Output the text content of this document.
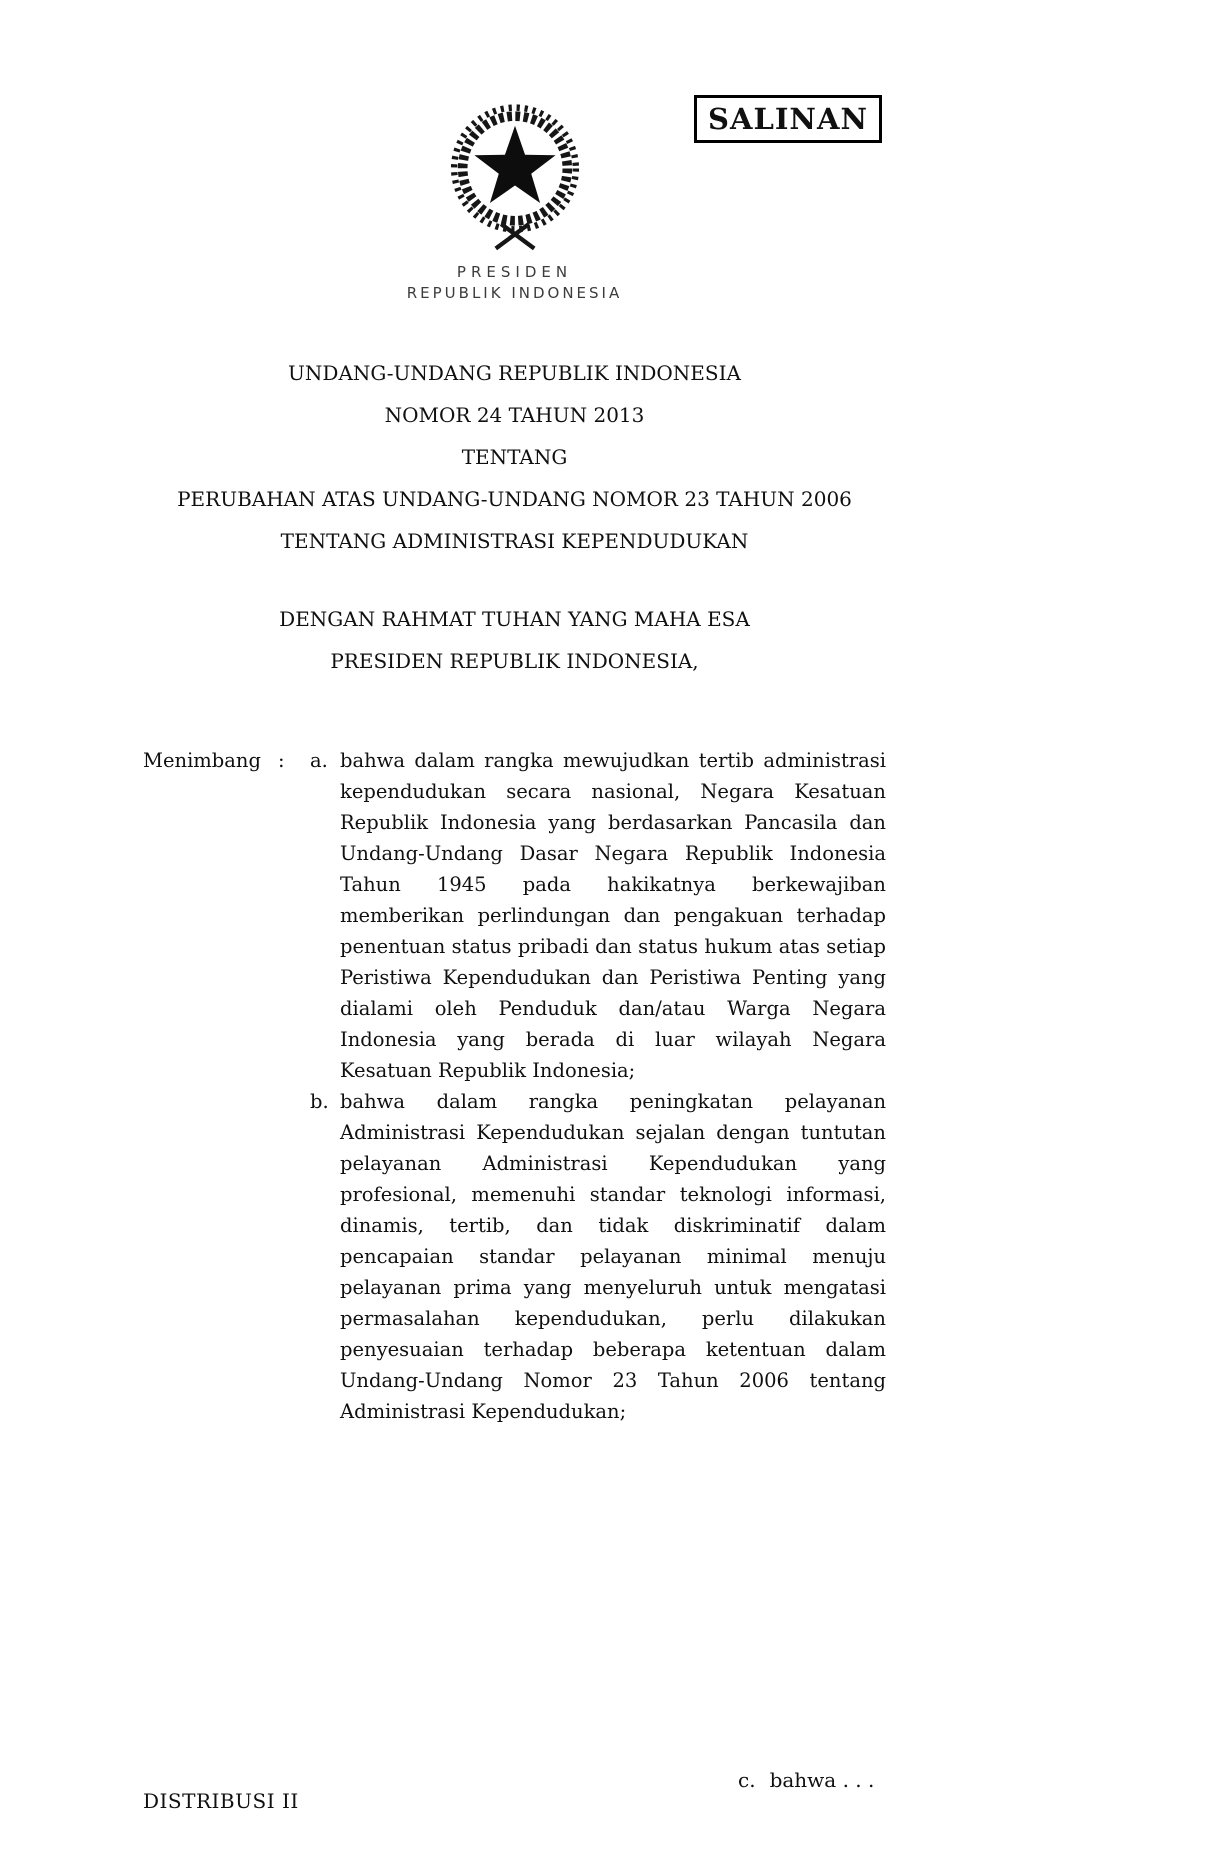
SALINAN
PRESIDEN
REPUBLIK INDONESIA
UNDANG-UNDANG REPUBLIK INDONESIA
NOMOR 24 TAHUN 2013
TENTANG
PERUBAHAN ATAS UNDANG-UNDANG NOMOR 23 TAHUN 2006
TENTANG ADMINISTRASI KEPENDUDUKAN
DENGAN RAHMAT TUHAN YANG MAHA ESA
PRESIDEN REPUBLIK INDONESIA,
Menimbang :	a. bahwa dalam rangka mewujudkan tertib administrasi kependudukan secara nasional, Negara Kesatuan Republik Indonesia yang berdasarkan Pancasila dan Undang-Undang Dasar Negara Republik Indonesia Tahun 1945 pada hakikatnya berkewajiban memberikan perlindungan dan pengakuan terhadap penentuan status pribadi dan status hukum atas setiap Peristiwa Kependudukan dan Peristiwa Penting yang dialami oleh Penduduk dan/atau Warga Negara Indonesia yang berada di luar wilayah Negara Kesatuan Republik Indonesia;
b. bahwa dalam rangka peningkatan pelayanan Administrasi Kependudukan sejalan dengan tuntutan pelayanan Administrasi Kependudukan yang profesional, memenuhi standar teknologi informasi, dinamis, tertib, dan tidak diskriminatif dalam pencapaian standar pelayanan minimal menuju pelayanan prima yang menyeluruh untuk mengatasi permasalahan kependudukan, perlu dilakukan penyesuaian terhadap beberapa ketentuan dalam Undang-Undang Nomor 23 Tahun 2006 tentang Administrasi Kependudukan;
c. bahwa . . .
DISTRIBUSI II
